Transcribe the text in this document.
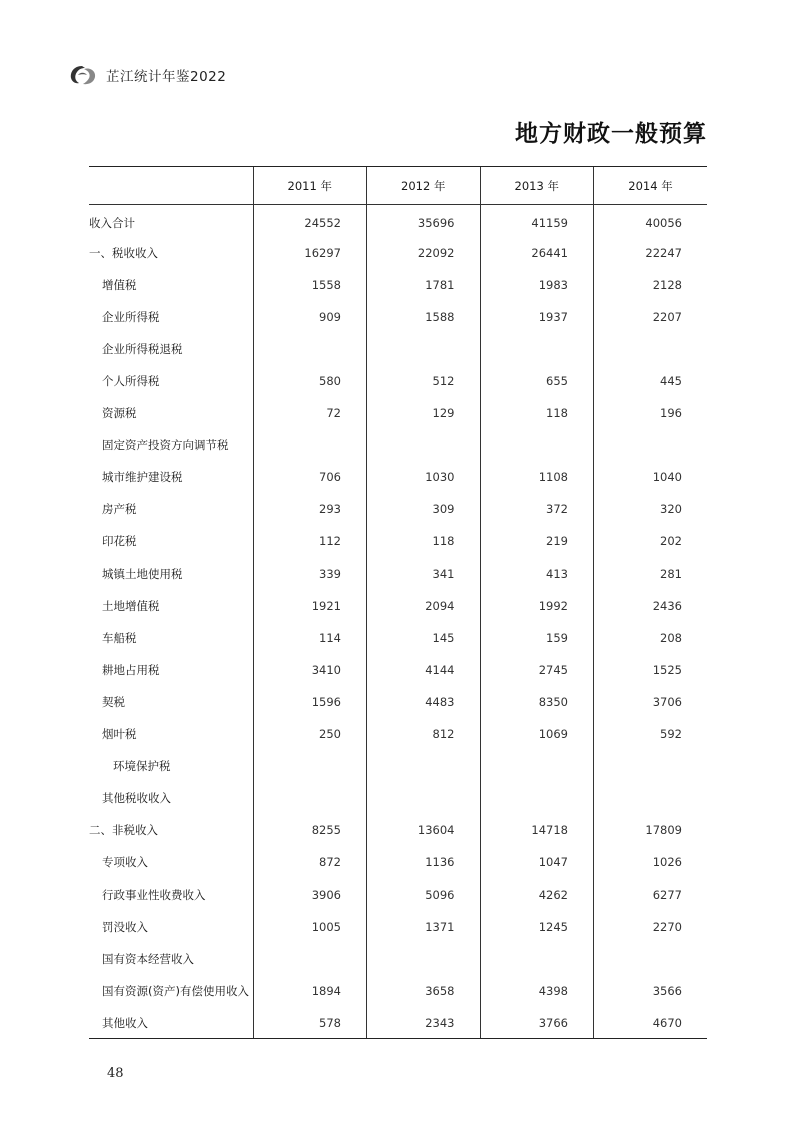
芷江统计年鉴2022
地方财政一般预算
	2011 年	2012 年	2013 年	2014 年
收入合计	24552	35696	41159	40056
一、税收收入	16297	22092	26441	22247
增值税	1558	1781	1983	2128
企业所得税	909	1588	1937	2207
企业所得税退税				
个人所得税	580	512	655	445
资源税	72	129	118	196
固定资产投资方向调节税				
城市维护建设税	706	1030	1108	1040
房产税	293	309	372	320
印花税	112	118	219	202
城镇土地使用税	339	341	413	281
土地增值税	1921	2094	1992	2436
车船税	114	145	159	208
耕地占用税	3410	4144	2745	1525
契税	1596	4483	8350	3706
烟叶税	250	812	1069	592
环境保护税				
其他税收收入				
二、非税收入	8255	13604	14718	17809
专项收入	872	1136	1047	1026
行政事业性收费收入	3906	5096	4262	6277
罚没收入	1005	1371	1245	2270
国有资本经营收入				
国有资源(资产)有偿使用收入	1894	3658	4398	3566
其他收入	578	2343	3766	4670
48
